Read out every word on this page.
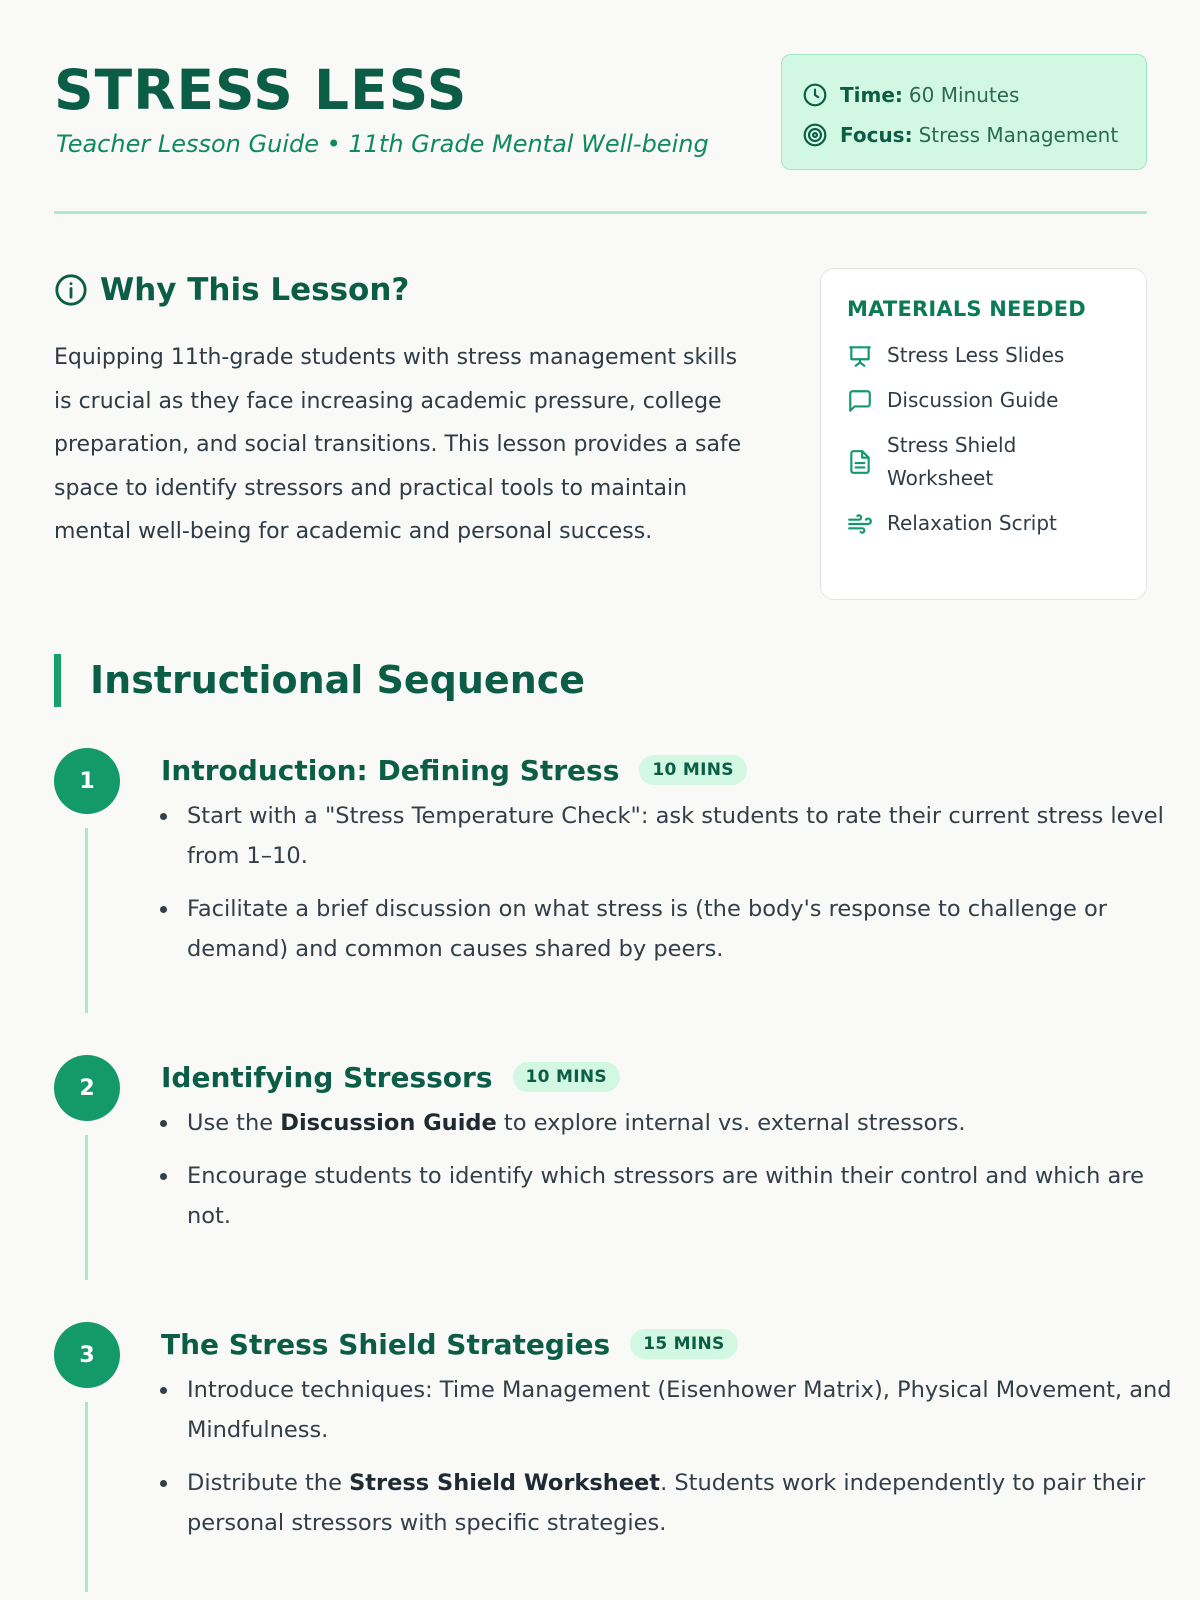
STRESS LESS
Teacher Lesson Guide • 11th Grade Mental Well-being
Time: 60 Minutes
Focus: Stress Management
Why This Lesson?

Equipping 11th-grade students with stress management skills is crucial as they face increasing academic pressure, college preparation, and social transitions. This lesson provides a safe space to identify stressors and practical tools to maintain mental well-being for academic and personal success.

MATERIALS NEEDED
Stress Less Slides
Discussion Guide
Stress Shield Worksheet
Relaxation Script
Instructional Sequence
1	Introduction: Defining Stress	10 MINS
Start with a "Stress Temperature Check": ask students to rate their current stress level from 1–10.
Facilitate a brief discussion on what stress is (the body's response to challenge or demand) and common causes shared by peers.
2	Identifying Stressors	10 MINS
Use the Discussion Guide to explore internal vs. external stressors.
Encourage students to identify which stressors are within their control and which are not.
3	The Stress Shield Strategies	15 MINS
Introduce techniques: Time Management (Eisenhower Matrix), Physical Movement, and Mindfulness.
Distribute the Stress Shield Worksheet. Students work independently to pair their personal stressors with specific strategies.
